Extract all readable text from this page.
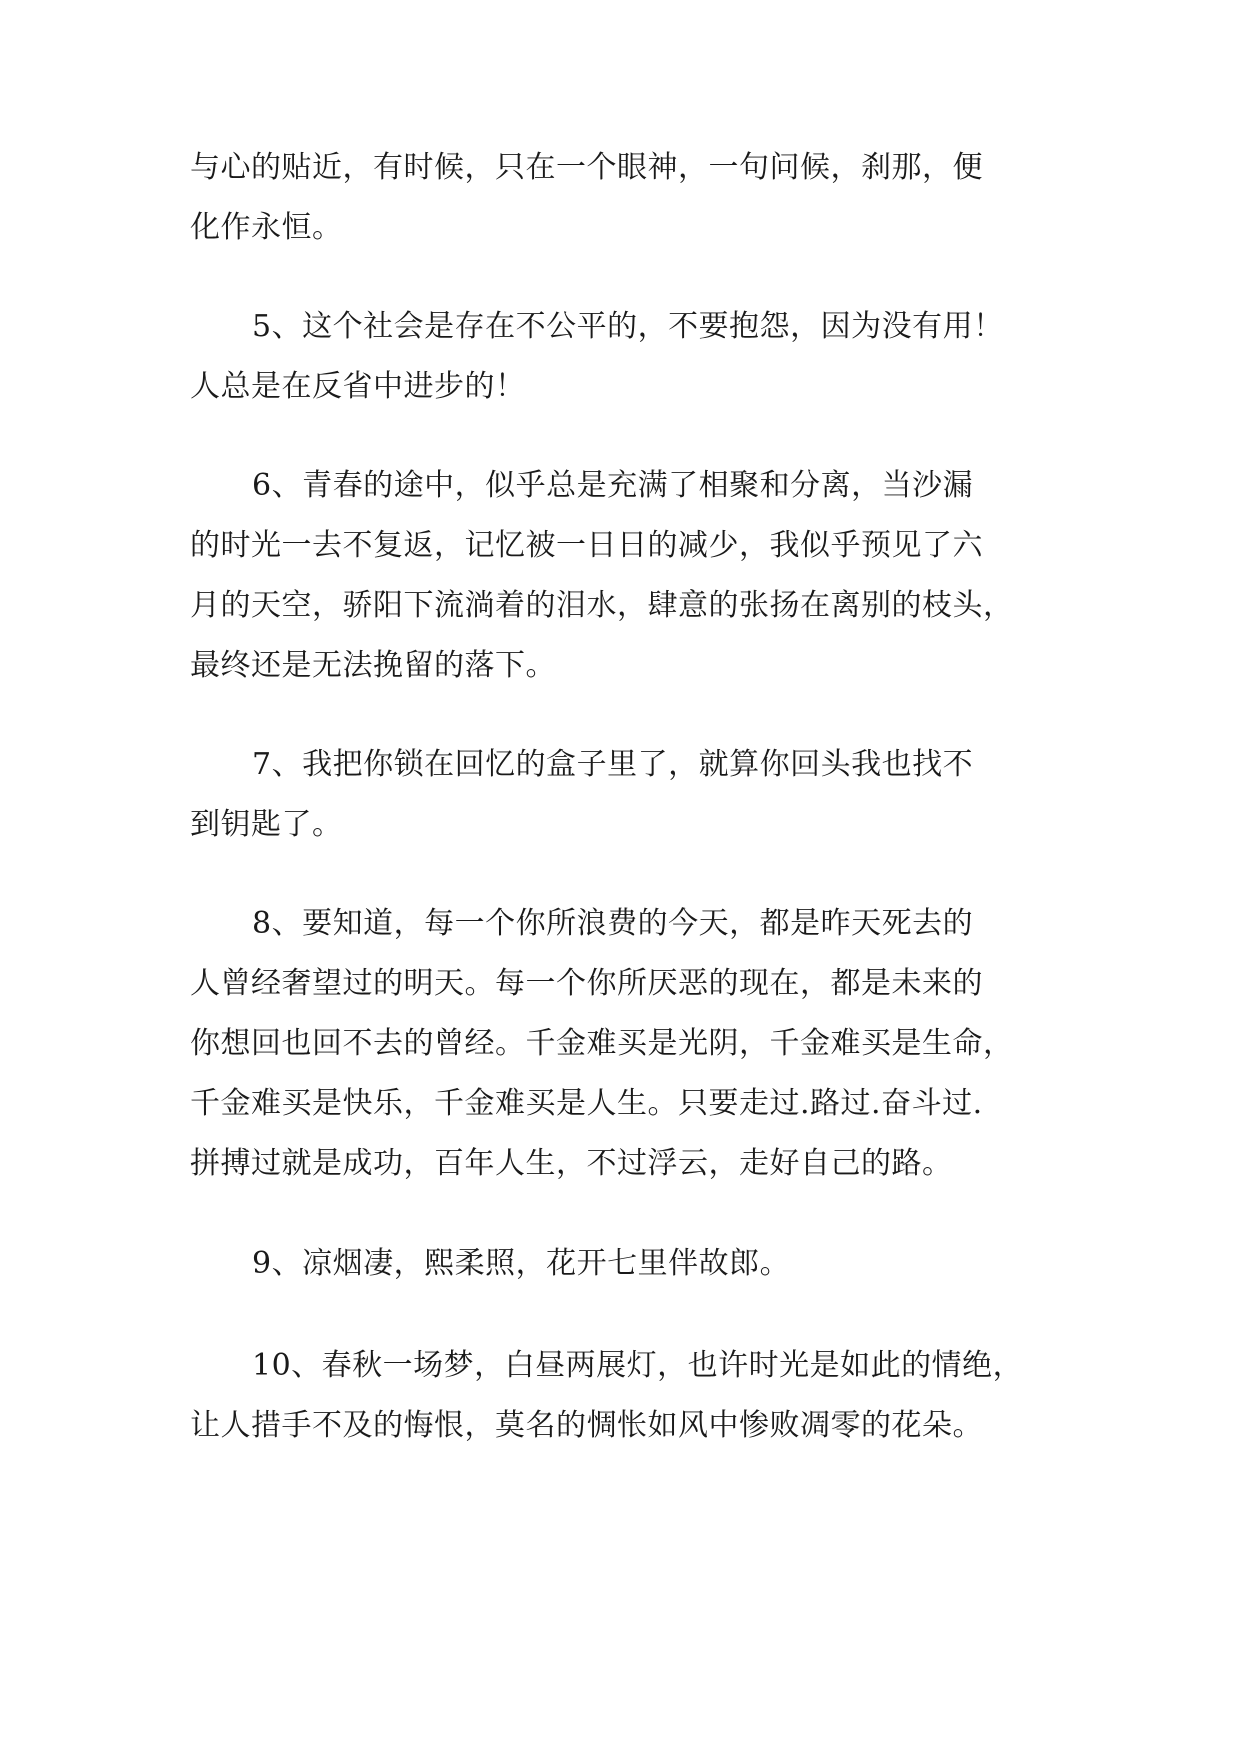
与心的贴近，有时候，只在一个眼神，一句问候，刹那，便
化作永恒。

5、这个社会是存在不公平的，不要抱怨，因为没有用！
人总是在反省中进步的！

6、青春的途中，似乎总是充满了相聚和分离，当沙漏
的时光一去不复返，记忆被一日日的减少，我似乎预见了六
月的天空，骄阳下流淌着的泪水，肆意的张扬在离别的枝头，
最终还是无法挽留的落下。

7、我把你锁在回忆的盒子里了，就算你回头我也找不
到钥匙了。

8、要知道，每一个你所浪费的今天，都是昨天死去的
人曾经奢望过的明天。每一个你所厌恶的现在，都是未来的
你想回也回不去的曾经。千金难买是光阴，千金难买是生命，
千金难买是快乐，千金难买是人生。只要走过.路过.奋斗过.
拼搏过就是成功，百年人生，不过浮云，走好自己的路。

9、凉烟凄，熙柔照，花开七里伴故郎。

10、春秋一场梦，白昼两展灯，也许时光是如此的情绝，
让人措手不及的悔恨，莫名的惆怅如风中惨败凋零的花朵。
